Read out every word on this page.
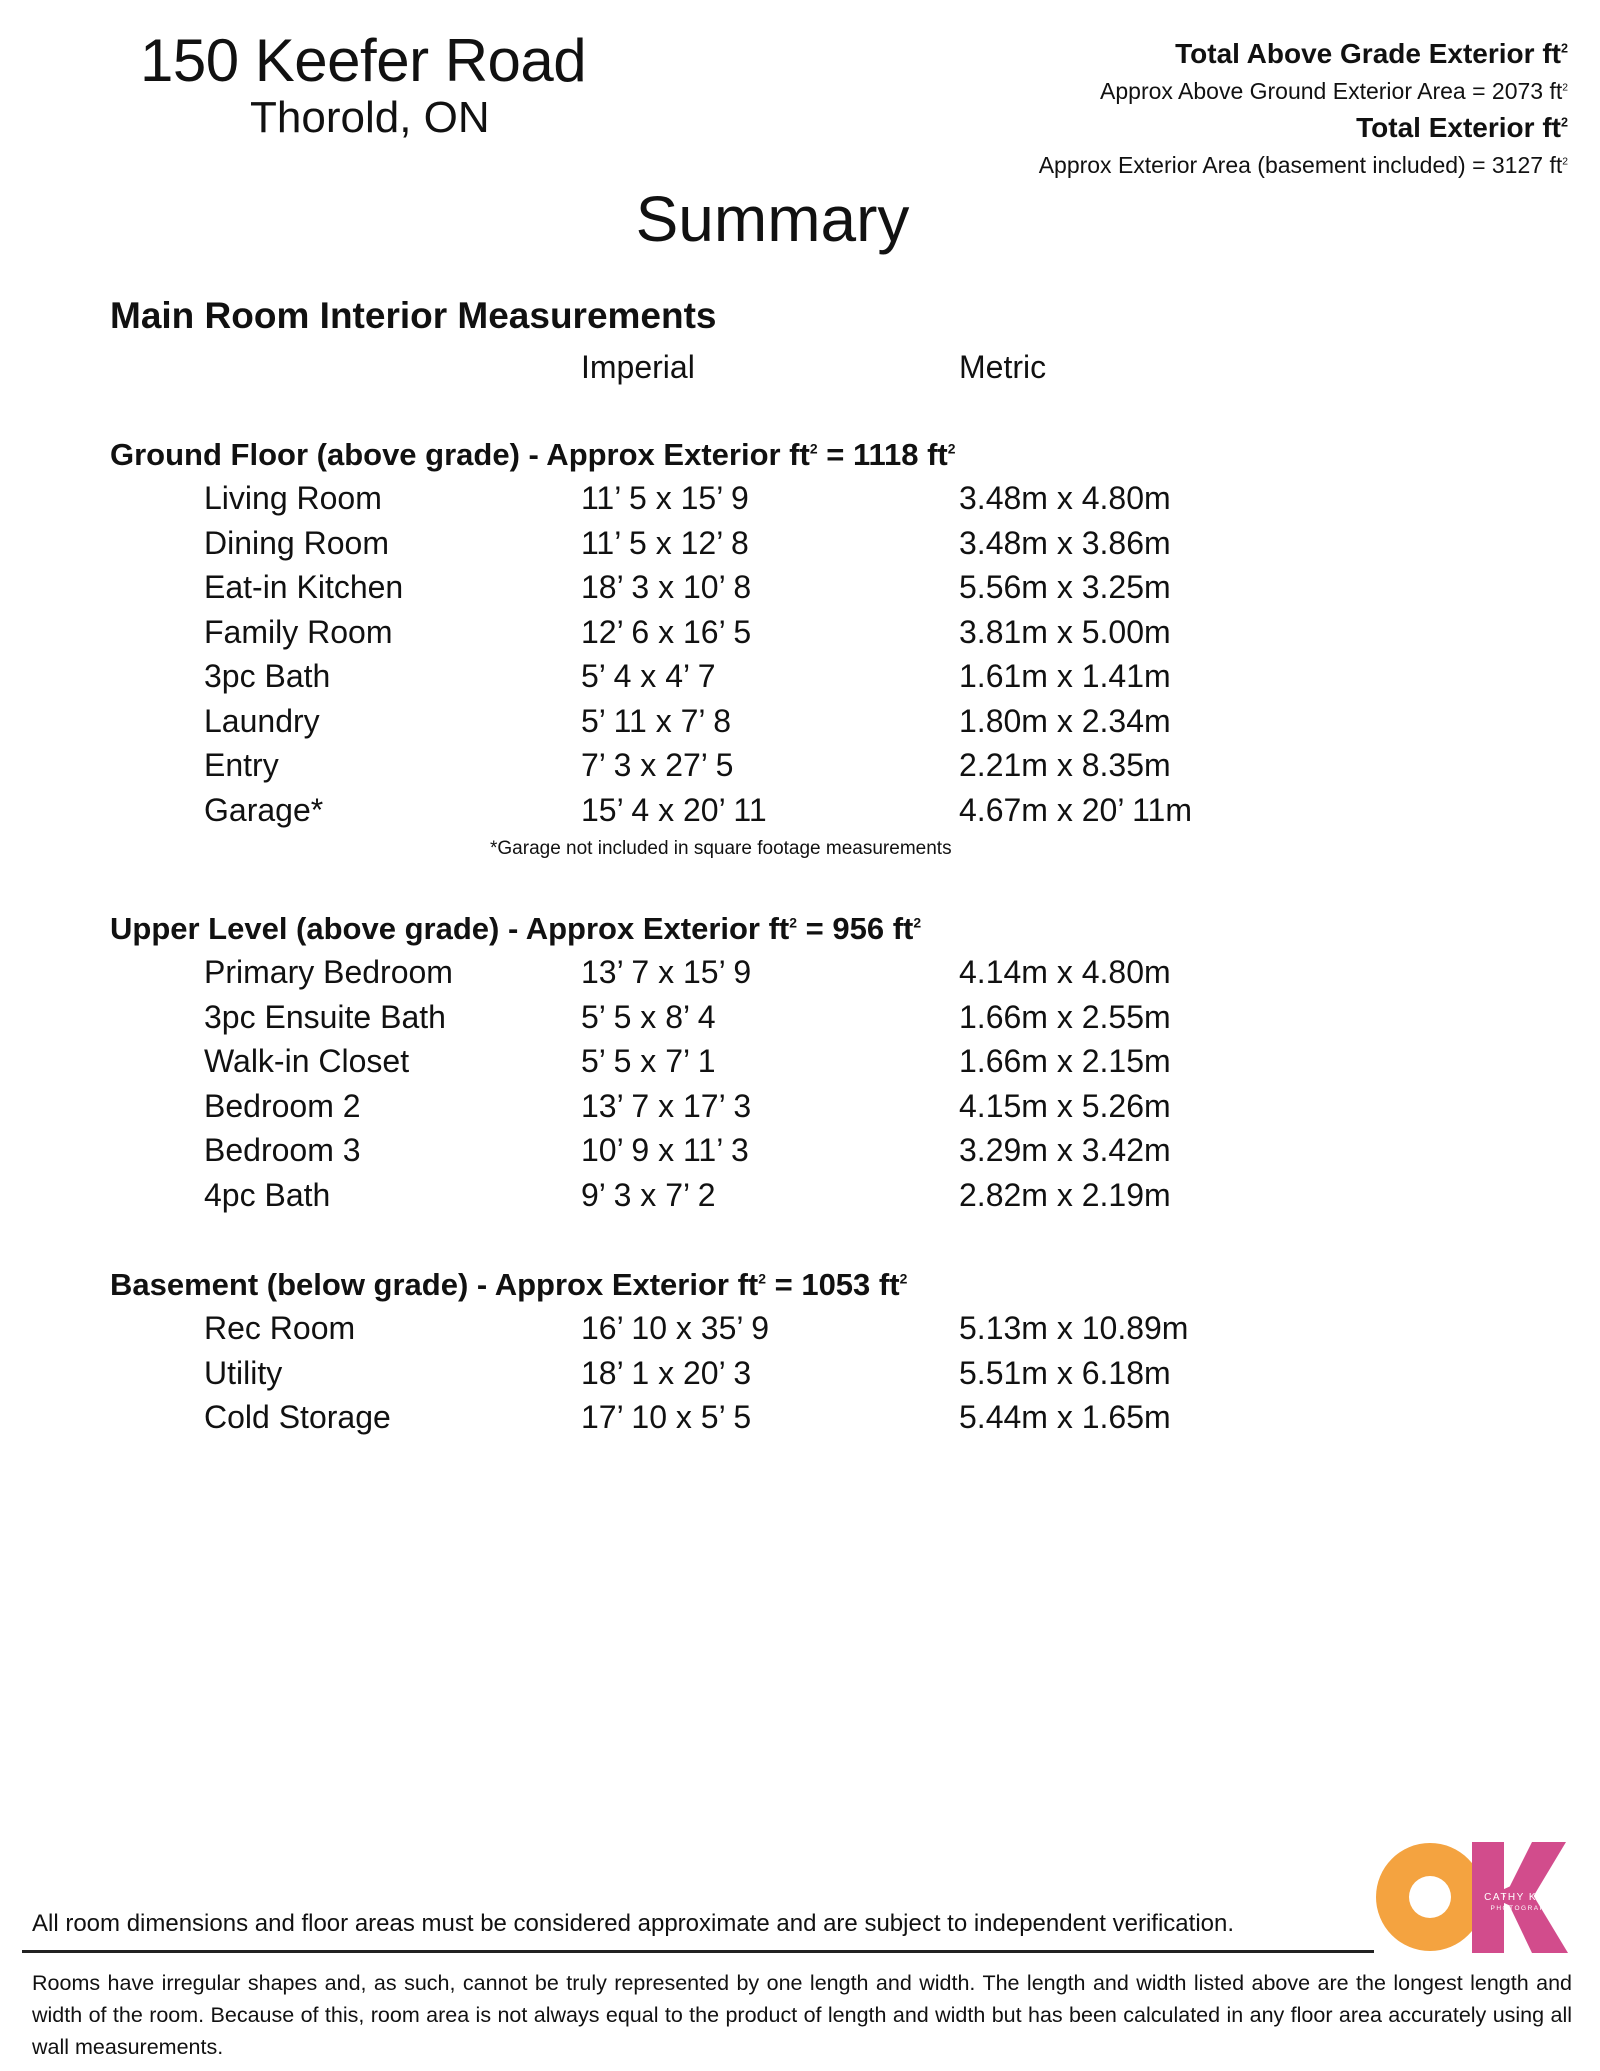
150 Keefer Road
Thorold, ON
Total Above Grade Exterior $ft^2$
Approx Above Ground Exterior Area = 2073 $ft^2$
Total Exterior $ft^2$
Approx Exterior Area (basement included) = 3127 $ft^2$
Summary
Main Room Interior Measurements
Imperial	Metric
Ground Floor (above grade) - Approx Exterior $ft^2 = 1118$ $ft^2$
Living Room	11’ 5 x 15’ 9	3.48m x 4.80m
Dining Room	11’ 5 x 12’ 8	3.48m x 3.86m
Eat-in Kitchen	18’ 3 x 10’ 8	5.56m x 3.25m
Family Room	12’ 6 x 16’ 5	3.81m x 5.00m
3pc Bath	5’ 4 x 4’ 7	1.61m x 1.41m
Laundry	5’ 11 x 7’ 8	1.80m x 2.34m
Entry	7’ 3 x 27’ 5	2.21m x 8.35m
Garage*	15’ 4 x 20’ 11	4.67m x 20’ 11m
*Garage not included in square footage measurements
Upper Level (above grade) - Approx Exterior $ft^2 = 956$ $ft^2$
Primary Bedroom	13’ 7 x 15’ 9	4.14m x 4.80m
3pc Ensuite Bath	5’ 5 x 8’ 4	1.66m x 2.55m
Walk-in Closet	5’ 5 x 7’ 1	1.66m x 2.15m
Bedroom 2	13’ 7 x 17’ 3	4.15m x 5.26m
Bedroom 3	10’ 9 x 11’ 3	3.29m x 3.42m
4pc Bath	9’ 3 x 7’ 2	2.82m x 2.19m
Basement (below grade) - Approx Exterior $ft^2 = 1053$ $ft^2$
Rec Room	16’ 10 x 35’ 9	5.13m x 10.89m
Utility	18’ 1 x 20’ 3	5.51m x 6.18m
Cold Storage	17’ 10 x 5’ 5	5.44m x 1.65m
CATHY KOOP
PHOTOGRAPHY
OK
All room dimensions and floor areas must be considered approximate and are subject to independent verification.
Rooms have irregular shapes and, as such, cannot be truly represented by one length and width. The length and width listed above are the longest length and width of the room. Because of this, room area is not always equal to the product of length and width but has been calculated in any floor area accurately using all wall measurements.
